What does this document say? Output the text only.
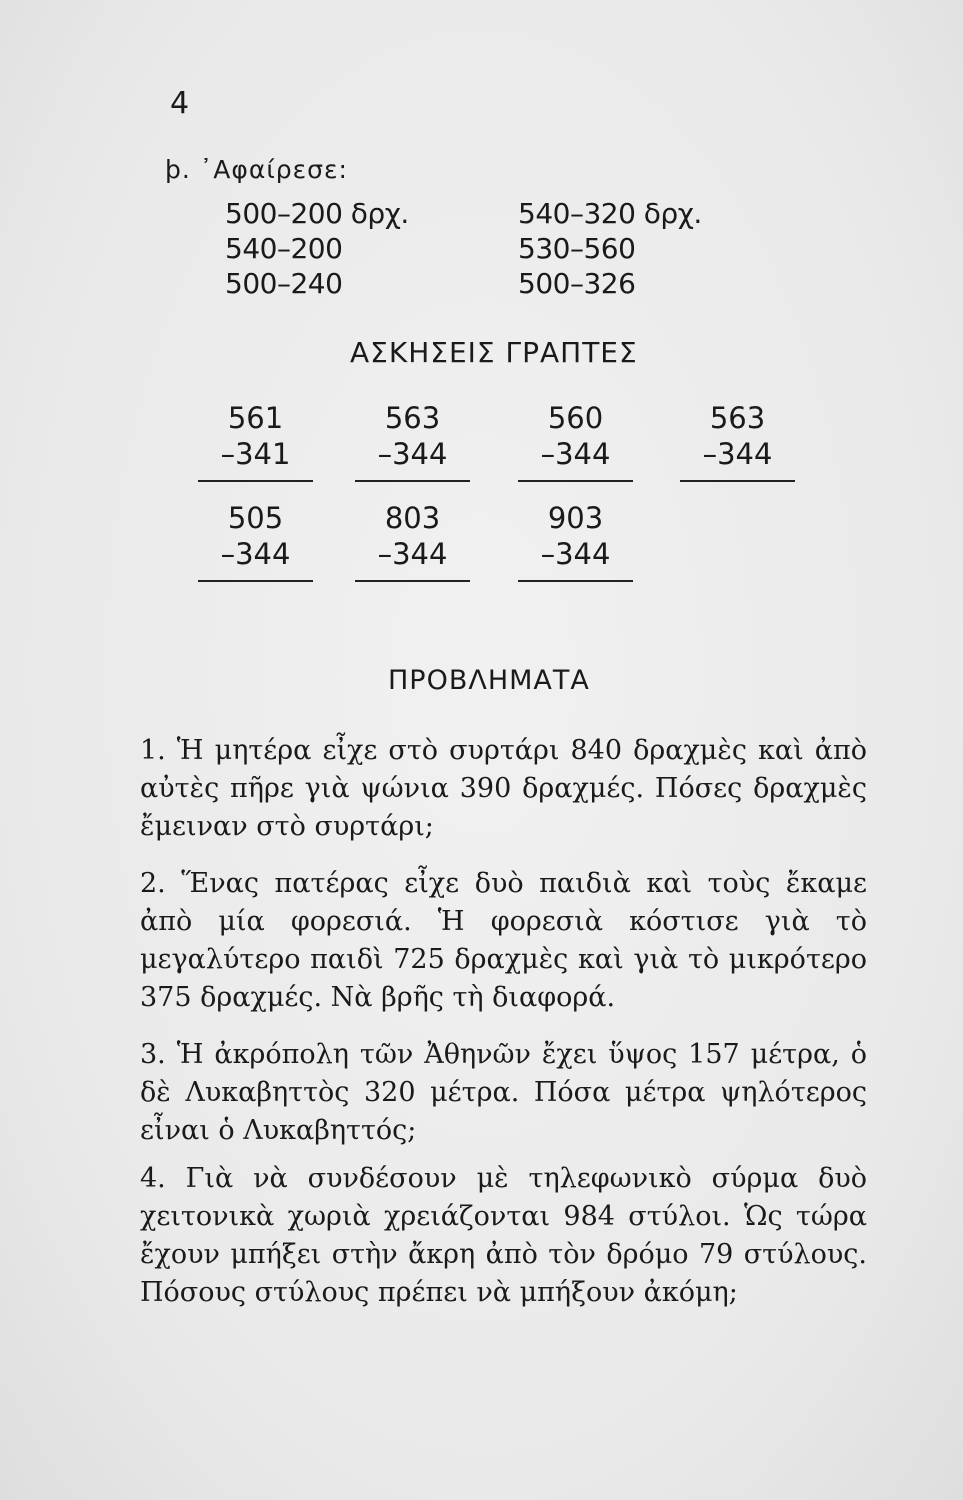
4
ϸ. ᾿Αφαίρεσε:
500–200 δρχ.
540–200
500–240
540–320 δρχ.
530–560
500–326
ΑΣΚΗΣΕΙΣ ΓΡΑΠΤΕΣ
561
–341
563
–344
560
–344
563
–344
505
–344
803
–344
903
–344
ΠΡΟΒΛΗΜΑΤΑ
1. Ἡ μητέρα εἶχε στὸ συρτάρι 840 δραχμὲς καὶ ἀπὸ αὐτὲς πῆρε γιὰ ψώνια 390 δραχμές. Πόσες δραχμὲς ἔμειναν στὸ συρτάρι;
2. Ἕνας πατέρας εἶχε δυὸ παιδιὰ καὶ τοὺς ἔκαμε ἀπὸ μία φορεσιά. Ἡ φορεσιὰ κόστισε γιὰ τὸ μεγαλύτερο παιδὶ 725 δραχμὲς καὶ γιὰ τὸ μικρότερο 375 δραχμές. Νὰ βρῆς τὴ διαφορά.
3. Ἡ ἀκρόπολη τῶν Ἀθηνῶν ἔχει ὕψος 157 μέτρα, ὁ δὲ Λυκαβηττὸς 320 μέτρα. Πόσα μέτρα ψηλότερος εἶναι ὁ Λυκαβηττός;
4. Γιὰ νὰ συνδέσουν μὲ τηλεφωνικὸ σύρμα δυὸ χειτονικὰ χωριὰ χρειάζονται 984 στύλοι. Ὡς τώρα ἔχουν μπήξει στὴν ἄκρη ἀπὸ τὸν δρόμο 79 στύλους. Πόσους στύλους πρέπει νὰ μπήξουν ἀκόμη;
